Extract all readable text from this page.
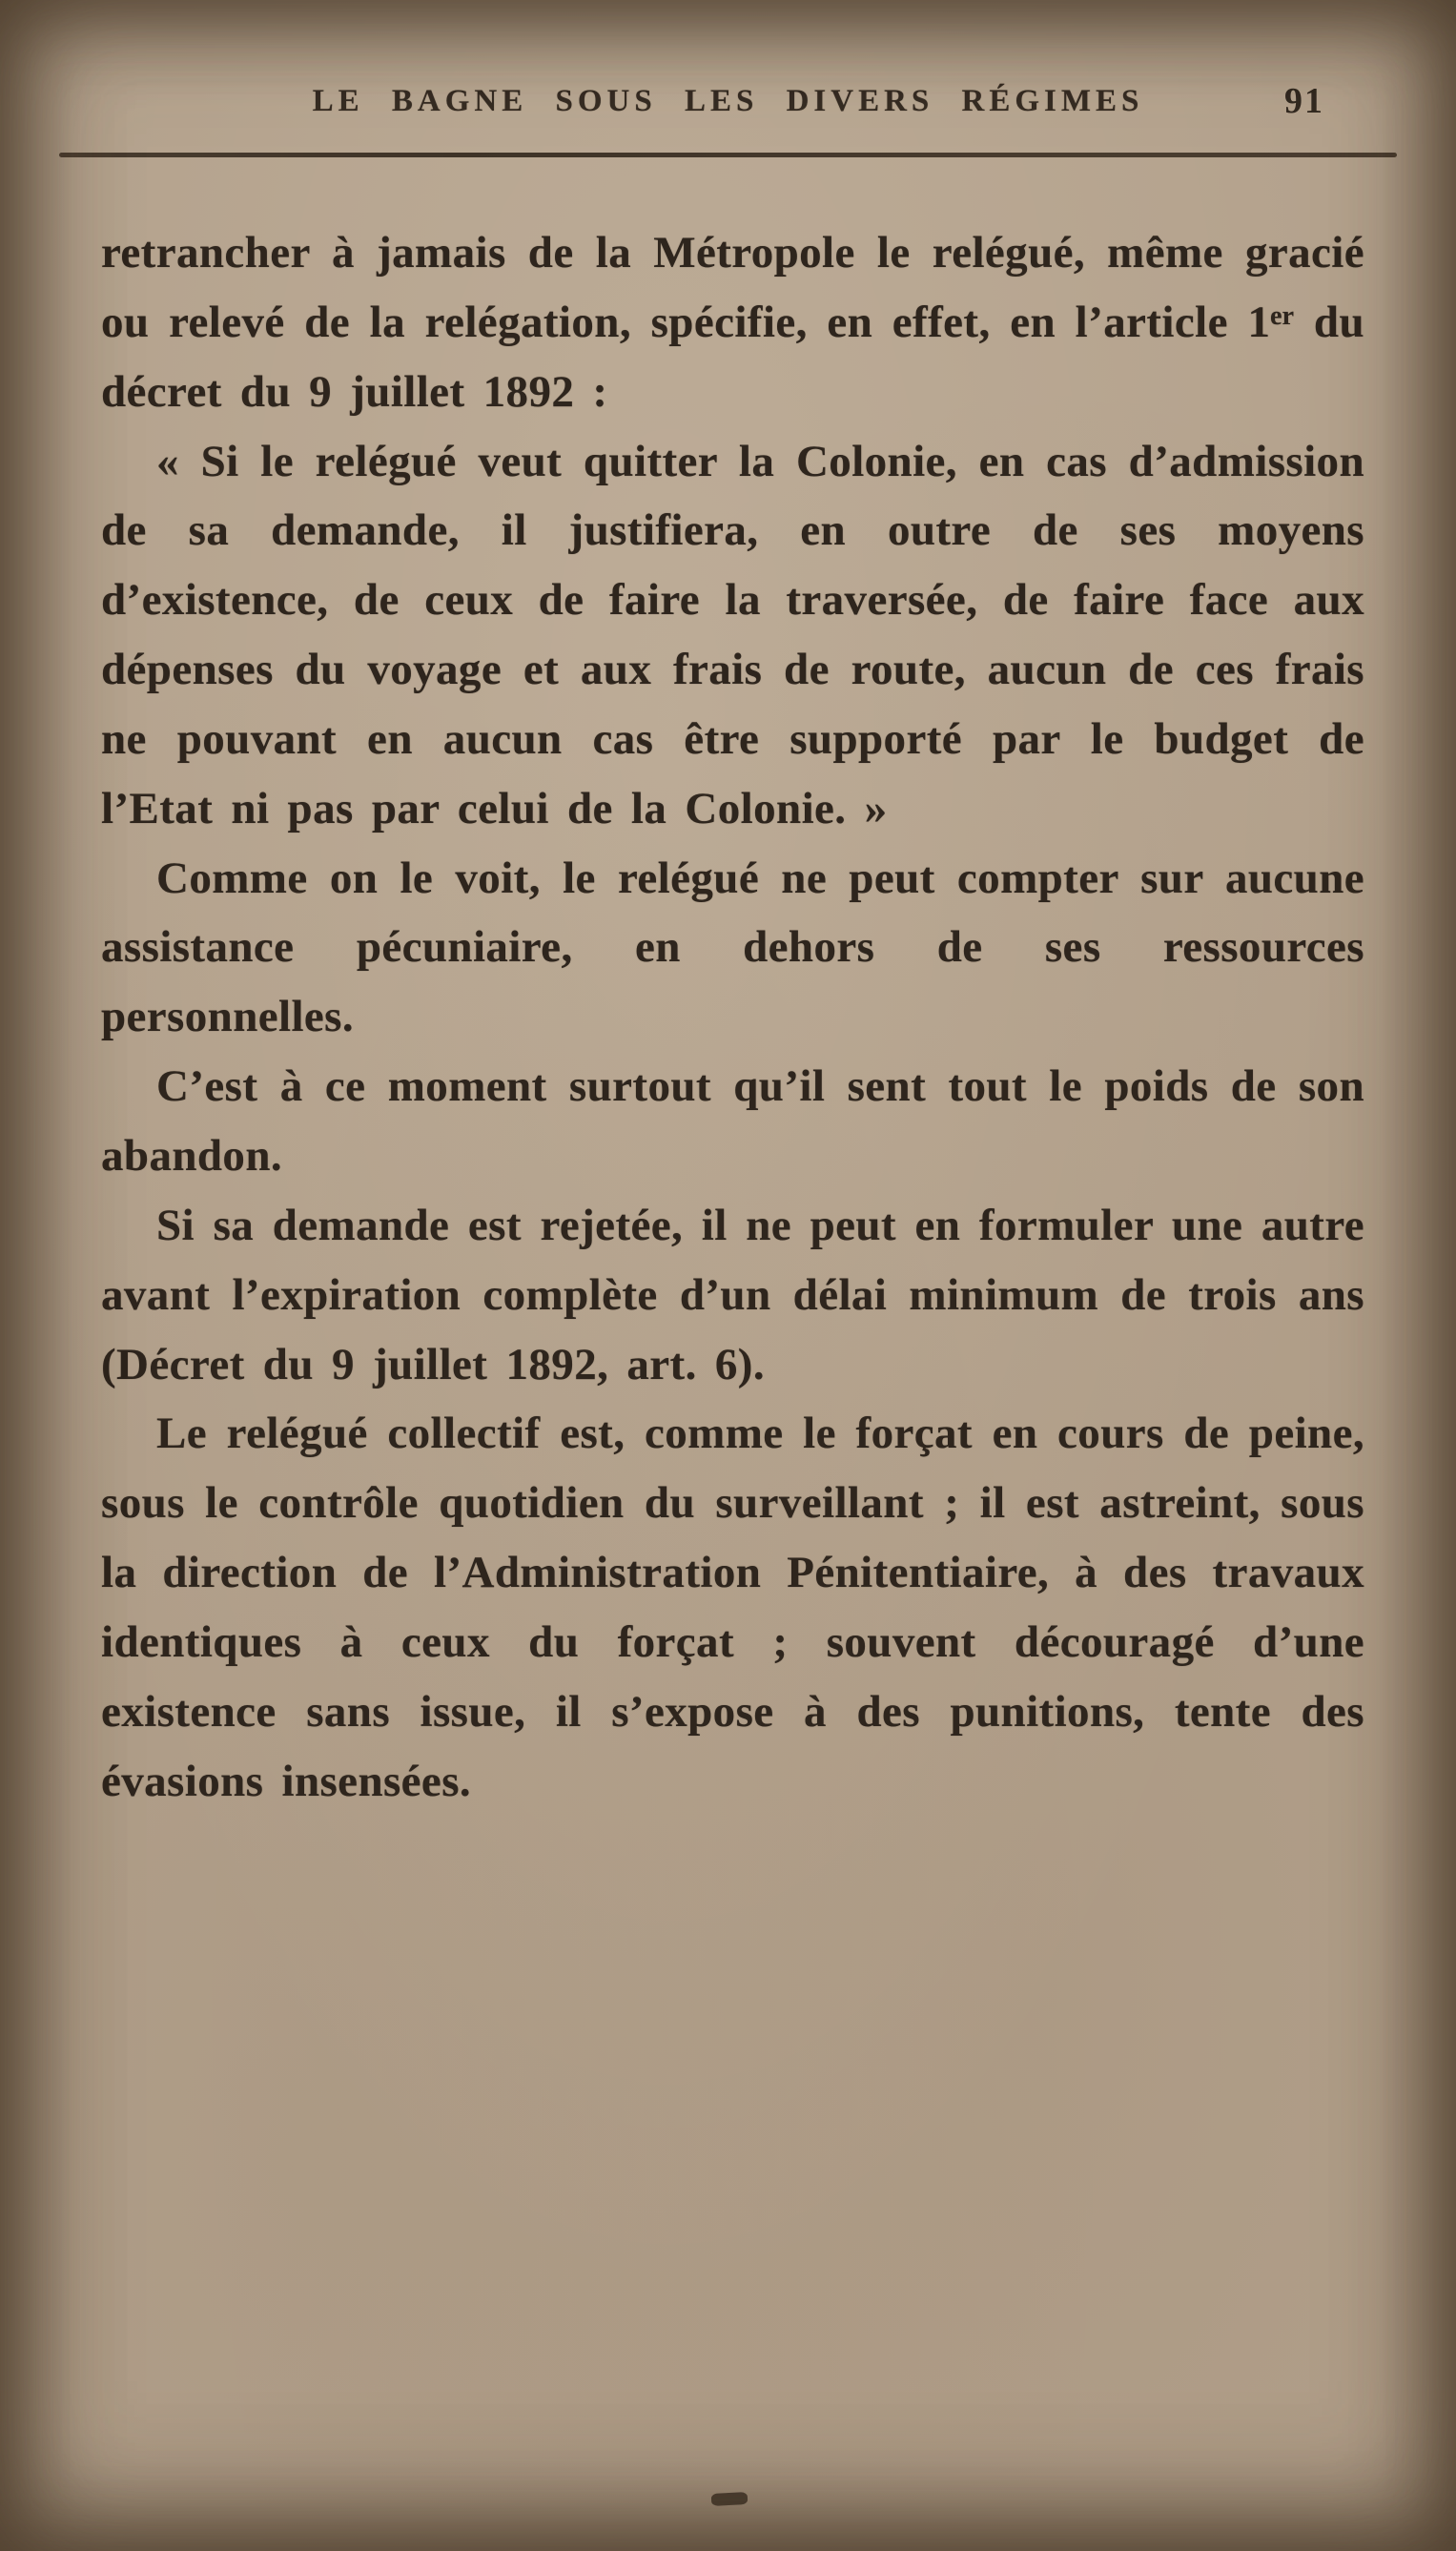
LE BAGNE SOUS LES DIVERS RÉGIMES	91

retrancher à jamais de la Métropole le relégué, même gracié ou relevé de la relégation, spécifie, en effet, en l’article 1ᵉʳ du décret du 9 juillet 1892 :

« Si le relégué veut quitter la Colonie, en cas d’admission de sa demande, il justifiera, en outre de ses moyens d’existence, de ceux de faire la traversée, de faire face aux dépenses du voyage et aux frais de route, aucun de ces frais ne pouvant en aucun cas être supporté par le budget de l’Etat ni pas par celui de la Colonie. »

Comme on le voit, le relégué ne peut compter sur aucune assistance pécuniaire, en dehors de ses ressources personnelles.

C’est à ce moment surtout qu’il sent tout le poids de son abandon.

Si sa demande est rejetée, il ne peut en formuler une autre avant l’expiration complète d’un délai minimum de trois ans (Décret du 9 juillet 1892, art. 6).

Le relégué collectif est, comme le forçat en cours de peine, sous le contrôle quotidien du surveillant ; il est astreint, sous la direction de l’Administration Pénitentiaire, à des travaux identiques à ceux du forçat ; souvent découragé d’une existence sans issue, il s’expose à des punitions, tente des évasions insensées.
